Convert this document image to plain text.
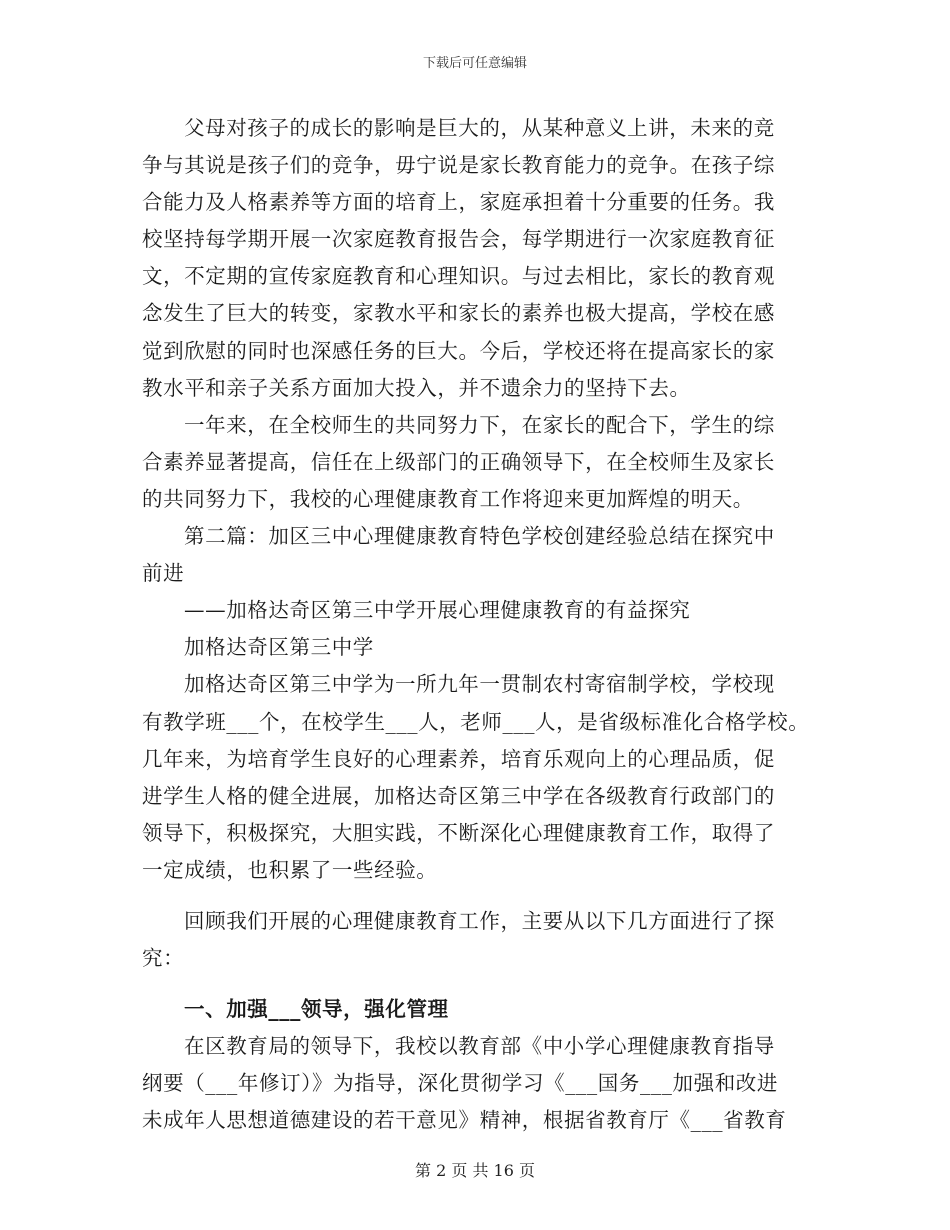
下载后可任意编辑
父母对孩子的成长的影响是巨大的，从某种意义上讲，未来的竞
争与其说是孩子们的竞争，毋宁说是家长教育能力的竞争。在孩子综
合能力及人格素养等方面的培育上，家庭承担着十分重要的任务。我
校坚持每学期开展一次家庭教育报告会，每学期进行一次家庭教育征
文，不定期的宣传家庭教育和心理知识。与过去相比，家长的教育观
念发生了巨大的转变，家教水平和家长的素养也极大提高，学校在感
觉到欣慰的同时也深感任务的巨大。今后，学校还将在提高家长的家
教水平和亲子关系方面加大投入，并不遗余力的坚持下去。
一年来，在全校师生的共同努力下，在家长的配合下，学生的综
合素养显著提高，信任在上级部门的正确领导下，在全校师生及家长
的共同努力下，我校的心理健康教育工作将迎来更加辉煌的明天。
第二篇：加区三中心理健康教育特色学校创建经验总结在探究中
前进
——加格达奇区第三中学开展心理健康教育的有益探究
加格达奇区第三中学
加格达奇区第三中学为一所九年一贯制农村寄宿制学校，学校现
有教学班___个，在校学生___人，老师___人，是省级标准化合格学校。
几年来，为培育学生良好的心理素养，培育乐观向上的心理品质，促
进学生人格的健全进展，加格达奇区第三中学在各级教育行政部门的
领导下，积极探究，大胆实践，不断深化心理健康教育工作，取得了
一定成绩，也积累了一些经验。
回顾我们开展的心理健康教育工作，主要从以下几方面进行了探
究：
一、加强___领导，强化管理
在区教育局的领导下，我校以教育部《中小学心理健康教育指导
纲要（___年修订）》为指导，深化贯彻学习《___国务___加强和改进
未成年人思想道德建设的若干意见》精神，根据省教育厅《___省教育
第 2 页 共 16 页
